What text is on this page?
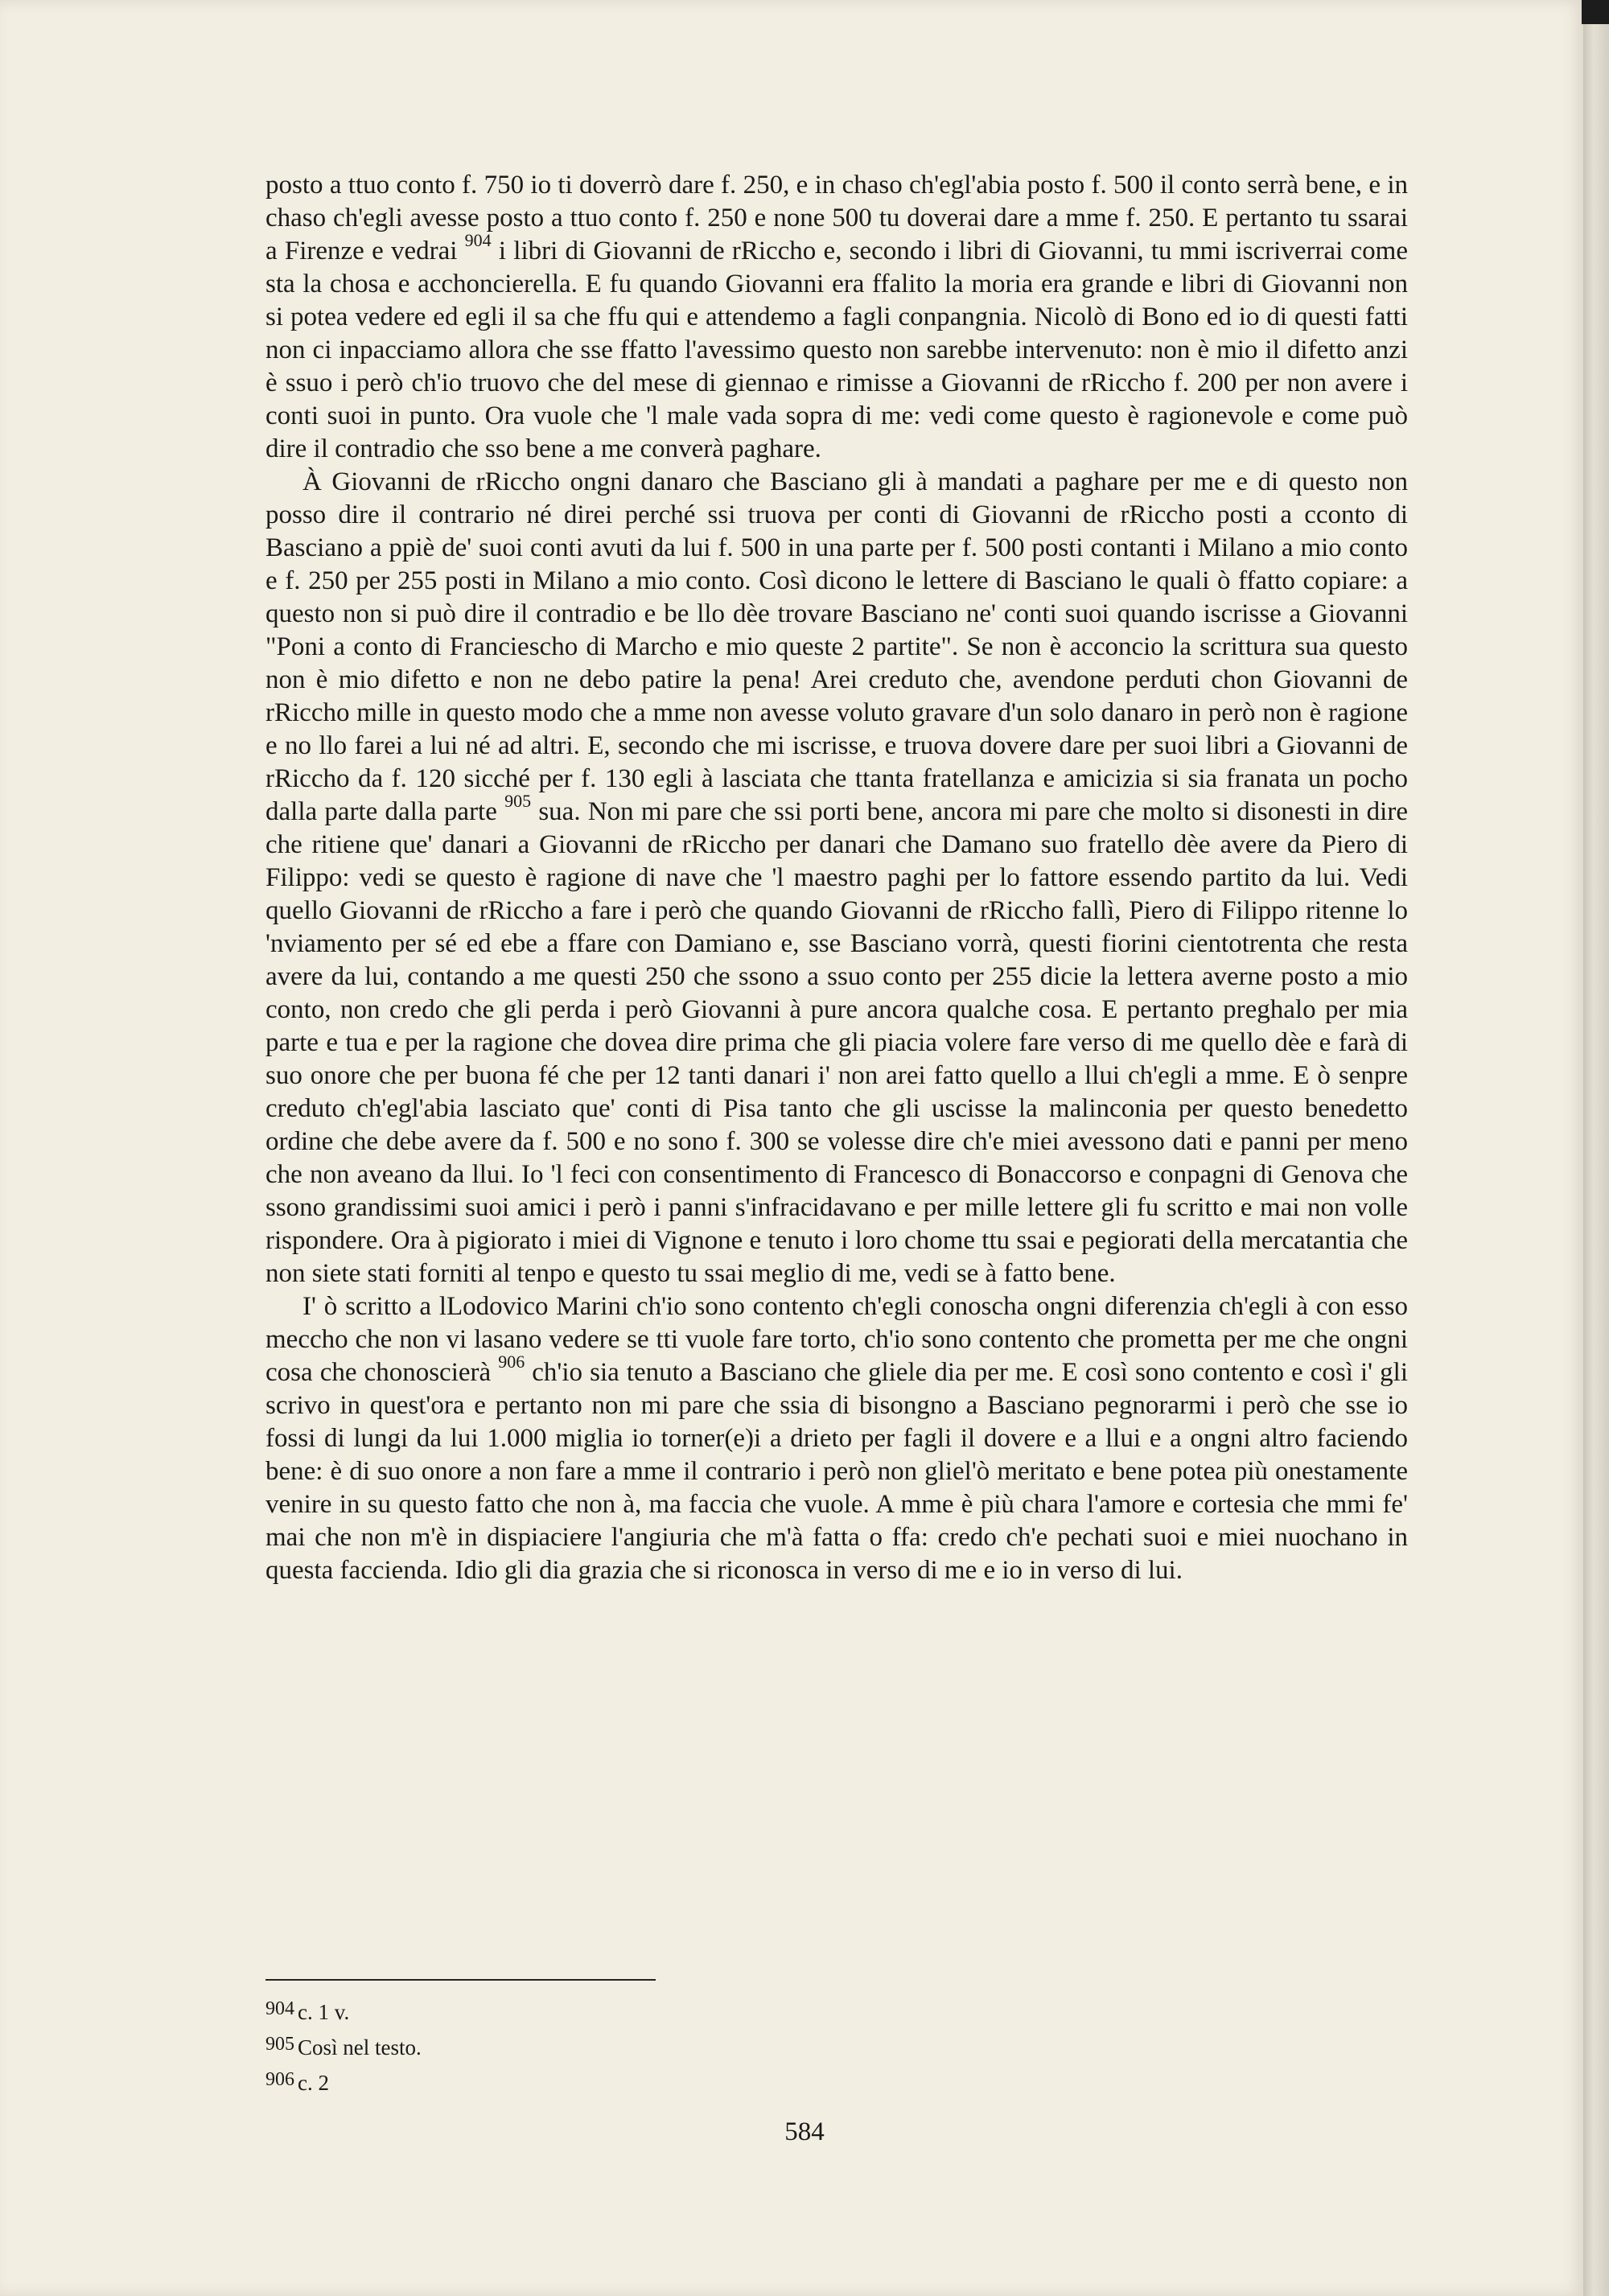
posto a ttuo conto f. 750 io ti doverrò dare f. 250, e in chaso ch'egl'abia posto f. 500 il conto serrà bene, e in chaso ch'egli avesse posto a ttuo conto f. 250 e none 500 tu doverai dare a mme f. 250. E pertanto tu ssarai a Firenze e vedrai $^{904}$ i libri di Giovanni de rRiccho e, secondo i libri di Giovanni, tu mmi iscriverrai come sta la chosa e acchoncierella. E fu quando Giovanni era ffalito la moria era grande e libri di Giovanni non si potea vedere ed egli il sa che ffu qui e attendemo a fagli conpangnia. Nicolò di Bono ed io di questi fatti non ci inpacciamo allora che sse ffatto l'avessimo questo non sarebbe intervenuto: non è mio il difetto anzi è ssuo i però ch'io truovo che del mese di giennao e rimisse a Giovanni de rRiccho f. 200 per non avere i conti suoi in punto. Ora vuole che 'l male vada sopra di me: vedi come questo è ragionevole e come può dire il contradio che sso bene a me converà paghare.

À Giovanni de rRiccho ongni danaro che Basciano gli à mandati a paghare per me e di questo non posso dire il contrario né direi perché ssi truova per conti di Giovanni de rRiccho posti a cconto di Basciano a ppiè de' suoi conti avuti da lui f. 500 in una parte per f. 500 posti contanti i Milano a mio conto e f. 250 per 255 posti in Milano a mio conto. Così dicono le lettere di Basciano le quali ò ffatto copiare: a questo non si può dire il contradio e be llo dèe trovare Basciano ne' conti suoi quando iscrisse a Giovanni "Poni a conto di Franciescho di Marcho e mio queste 2 partite". Se non è acconcio la scrittura sua questo non è mio difetto e non ne debo patire la pena! Arei creduto che, avendone perduti chon Giovanni de rRiccho mille in questo modo che a mme non avesse voluto gravare d'un solo danaro in però non è ragione e no llo farei a lui né ad altri. E, secondo che mi iscrisse, e truova dovere dare per suoi libri a Giovanni de rRiccho da f. 120 sicché per f. 130 egli à lasciata che ttanta fratellanza e amicizia si sia franata un pocho dalla parte dalla parte $^{905}$ sua. Non mi pare che ssi porti bene, ancora mi pare che molto si disonesti in dire che ritiene que' danari a Giovanni de rRiccho per danari che Damano suo fratello dèe avere da Piero di Filippo: vedi se questo è ragione di nave che 'l maestro paghi per lo fattore essendo partito da lui. Vedi quello Giovanni de rRiccho a fare i però che quando Giovanni de rRiccho fallì, Piero di Filippo ritenne lo 'nviamento per sé ed ebe a ffare con Damiano e, sse Basciano vorrà, questi fiorini cientotrenta che resta avere da lui, contando a me questi 250 che ssono a ssuo conto per 255 dicie la lettera averne posto a mio conto, non credo che gli perda i però Giovanni à pure ancora qualche cosa. E pertanto preghalo per mia parte e tua e per la ragione che dovea dire prima che gli piacia volere fare verso di me quello dèe e farà di suo onore che per buona fé che per 12 tanti danari i' non arei fatto quello a llui ch'egli a mme. E ò senpre creduto ch'egl'abia lasciato que' conti di Pisa tanto che gli uscisse la malinconia per questo benedetto ordine che debe avere da f. 500 e no sono f. 300 se volesse dire ch'e miei avessono dati e panni per meno che non aveano da llui. Io 'l feci con consentimento di Francesco di Bonaccorso e conpagni di Genova che ssono grandissimi suoi amici i però i panni s'infracidavano e per mille lettere gli fu scritto e mai non volle rispondere. Ora à pigiorato i miei di Vignone e tenuto i loro chome ttu ssai e pegiorati della mercatantia che non siete stati forniti al tenpo e questo tu ssai meglio di me, vedi se à fatto bene.

I' ò scritto a lLodovico Marini ch'io sono contento ch'egli conoscha ongni diferenzia ch'egli à con esso meccho che non vi lasano vedere se tti vuole fare torto, ch'io sono contento che prometta per me che ongni cosa che chonoscierà $^{906}$ ch'io sia tenuto a Basciano che gliele dia per me. E così sono contento e così i' gli scrivo in quest'ora e pertanto non mi pare che ssia di bisongno a Basciano pegnorarmi i però che sse io fossi di lungi da lui 1.000 miglia io torner(e)i a drieto per fagli il dovere e a llui e a ongni altro faciendo bene: è di suo onore a non fare a mme il contrario i però non gliel'ò meritato e bene potea più onestamente venire in su questo fatto che non à, ma faccia che vuole. A mme è più chara l'amore e cortesia che mmi fe' mai che non m'è in dispiaciere l'angiuria che m'à fatta o ffa: credo ch'e pechati suoi e miei nuochano in questa faccienda. Idio gli dia grazia che si riconosca in verso di me e io in verso di lui.

904 c. 1 v.

905 Così nel testo.

906 c. 2

584
